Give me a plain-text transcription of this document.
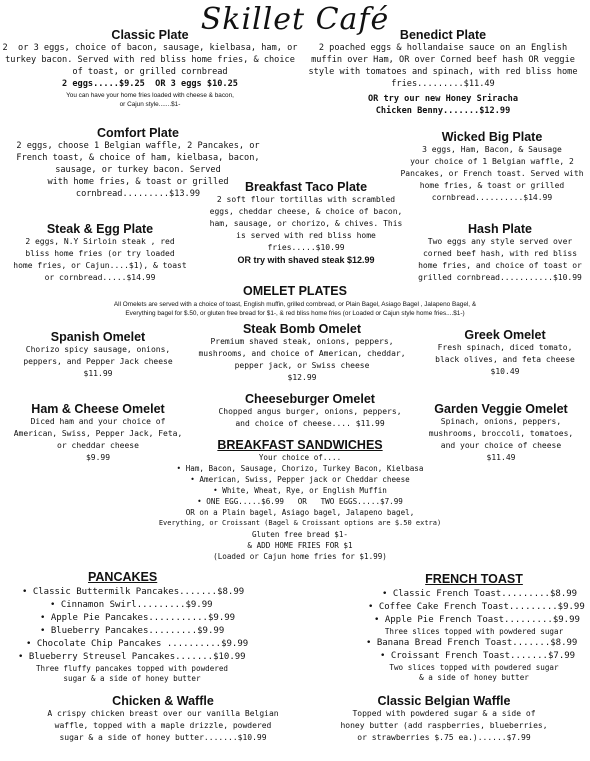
Skillet Café
Classic Plate
2  or 3 eggs, choice of bacon, sausage, kielbasa, ham, or
turkey bacon. Served with red bliss home fries, & choice
of toast, or grilled cornbread
2 eggs.....$9.25  OR 3 eggs $10.25
You can have your home fries loaded with cheese & bacon,
or Cajun style.......$1-
Benedict Plate
2 poached eggs & hollandaise sauce on an English
muffin over Ham, OR over Corned beef hash OR veggie
style with tomatoes and spinach, with red bliss home
fries.........$11.49
OR try our new Honey Sriracha
Chicken Benny.......$12.99
Comfort Plate
2 eggs, choose 1 Belgian waffle, 2 Pancakes, or
French toast, & choice of ham, kielbasa, bacon,
sausage, or turkey bacon. Served
with home fries, & toast or grilled
cornbread.........$13.99
Wicked Big Plate
3 eggs, Ham, Bacon, & Sausage
your choice of 1 Belgian waffle, 2
Pancakes, or French toast. Served with
home fries, & toast or grilled
cornbread..........$14.99
Breakfast Taco Plate
2 soft flour tortillas with scrambled
eggs, cheddar cheese, & choice of bacon,
ham, sausage, or chorizo, & chives. This
is served with red bliss home
fries.....$10.99
OR try with shaved steak $12.99
Steak & Egg Plate
2 eggs, N.Y Sirloin steak , red
bliss home fries (or try loaded
home fries, or Cajun....$1), & toast
or cornbread.....$14.99
Hash Plate
Two eggs any style served over
corned beef hash, with red bliss
home fries, and choice of toast or
grilled cornbread...........$10.99
OMELET PLATES
All Omelets are served with a choice of toast, English muffin, grilled cornbread, or Plain Bagel, Asiago Bagel , Jalapeno Bagel, &
Everything bagel for $.50, or gluten free bread for $1-, & red bliss home fries (or Loaded or Cajun style home fries....$1-)
Spanish Omelet
Chorizo spicy sausage, onions,
peppers, and Pepper Jack cheese
$11.99
Steak Bomb Omelet
Premium shaved steak, onions, peppers,
mushrooms, and choice of American, cheddar,
pepper jack, or Swiss cheese
$12.99
Greek Omelet
Fresh spinach, diced tomato,
black olives, and feta cheese
$10.49
Ham & Cheese Omelet
Diced ham and your choice of
American, Swiss, Pepper Jack, Feta,
or cheddar cheese
$9.99
Cheeseburger Omelet
Chopped angus burger, onions, peppers,
and choice of cheese.... $11.99
Garden Veggie Omelet
Spinach, onions, peppers,
mushrooms, broccoli, tomatoes,
and your choice of cheese
$11.49
BREAKFAST SANDWICHES
Your choice of....
• Ham, Bacon, Sausage, Chorizo, Turkey Bacon, Kielbasa
• American, Swiss, Pepper jack or Cheddar cheese
• White, Wheat, Rye, or English Muffin
• ONE EGG.....$6.99   OR   TWO EGGS.....$7.99
OR on a Plain bagel, Asiago bagel, Jalapeno bagel,
Everything, or Croissant (Bagel & Croissant options are $.50 extra)
Gluten free bread $1-
& ADD HOME FRIES FOR $1
(Loaded or Cajun home fries for $1.99)
PANCAKES
• Classic Buttermilk Pancakes.......$8.99
• Cinnamon Swirl.........$9.99
• Apple Pie Pancakes...........$9.99
• Blueberry Pancakes.........$9.99
• Chocolate Chip Pancakes ..........$9.99
• Blueberry Streusel Pancakes.......$10.99
Three fluffy pancakes topped with powdered
sugar & a side of honey butter
FRENCH TOAST
• Classic French Toast.........$8.99
• Coffee Cake French Toast.........$9.99
• Apple Pie French Toast.........$9.99
Three slices topped with powdered sugar
• Banana Bread French Toast.......$8.99
• Croissant French Toast.......$7.99
Two slices topped with powdered sugar
& a side of honey butter
Chicken & Waffle
A crispy chicken breast over our vanilla Belgian
waffle, topped with a maple drizzle, powdered
sugar & a side of honey butter.......$10.99
Classic Belgian Waffle
Topped with powdered sugar & a side of
honey butter (add raspberries, blueberries,
or strawberries $.75 ea.)......$7.99
